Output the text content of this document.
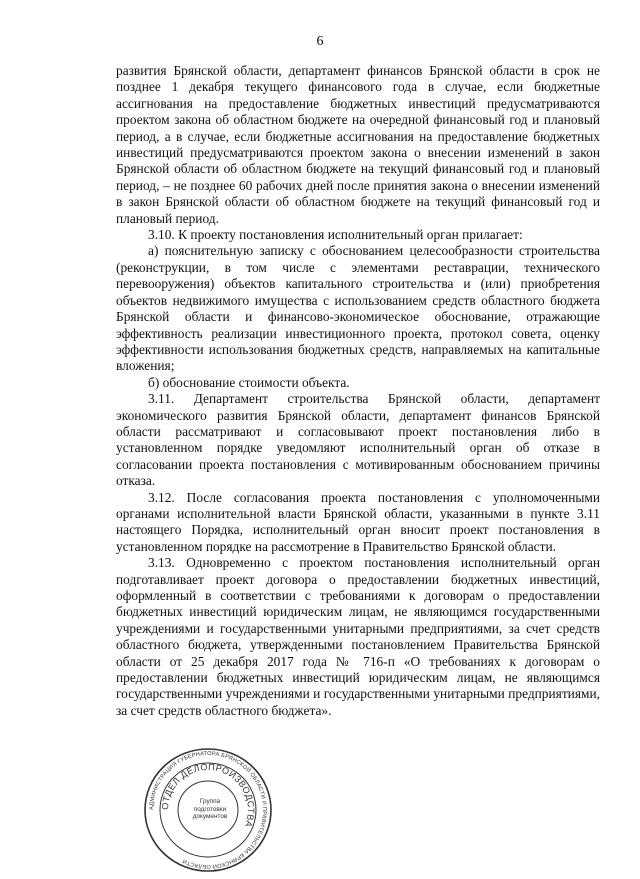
6

развития Брянской области, департамент финансов Брянской области в срок не позднее 1 декабря текущего финансового года в случае, если бюджетные ассигнования на предоставление бюджетных инвестиций предусматриваются проектом закона об областном бюджете на очередной финансовый год и плановый период, а в случае, если бюджетные ассигнования на предоставление бюджетных инвестиций предусматриваются проектом закона о внесении изменений в закон Брянской области об областном бюджете на текущий финансовый год и плановый период, – не позднее 60 рабочих дней после принятия закона о внесении изменений в закон Брянской области об областном бюджете на текущий финансовый год и плановый период.

3.10. К проекту постановления исполнительный орган прилагает:

а) пояснительную записку с обоснованием целесообразности строительства (реконструкции, в том числе с элементами реставрации, технического перевооружения) объектов капитального строительства и (или) приобретения объектов недвижимого имущества с использованием средств областного бюджета Брянской области и финансово-экономическое обоснование, отражающие эффективность реализации инвестиционного проекта, протокол совета, оценку эффективности использования бюджетных средств, направляемых на капитальные вложения;

б) обоснование стоимости объекта.

3.11. Департамент строительства Брянской области, департамент экономического развития Брянской области, департамент финансов Брянской области рассматривают и согласовывают проект постановления либо в установленном порядке уведомляют исполнительный орган об отказе в согласовании проекта постановления с мотивированным обоснованием причины отказа.

3.12. После согласования проекта постановления с уполномоченными органами исполнительной власти Брянской области, указанными в пункте 3.11 настоящего Порядка, исполнительный орган вносит проект постановления в установленном порядке на рассмотрение в Правительство Брянской области.

3.13. Одновременно с проектом постановления исполнительный орган подготавливает проект договора о предоставлении бюджетных инвестиций, оформленный в соответствии с требованиями к договорам о предоставлении бюджетных инвестиций юридическим лицам, не являющимся государственными учреждениями и государственными унитарными предприятиями, за счет средств областного бюджета, утвержденными постановлением Правительства Брянской области от 25 декабря 2017 года № 716-п «О требованиях к договорам о предоставлении бюджетных инвестиций юридическим лицам, не являющимся государственными учреждениями и государственными унитарными предприятиями, за счет средств областного бюджета».

АДМИНИСТРАЦИЯ ГУБЕРНАТОРА БРЯНСКОЙ ОБЛАСТИ И ПРАВИТЕЛЬСТВА БРЯНСКОЙ ОБЛАСТИ
ОТДЕЛ ДЕЛОПРОИЗВОДСТВА
Группа подготовки документов
